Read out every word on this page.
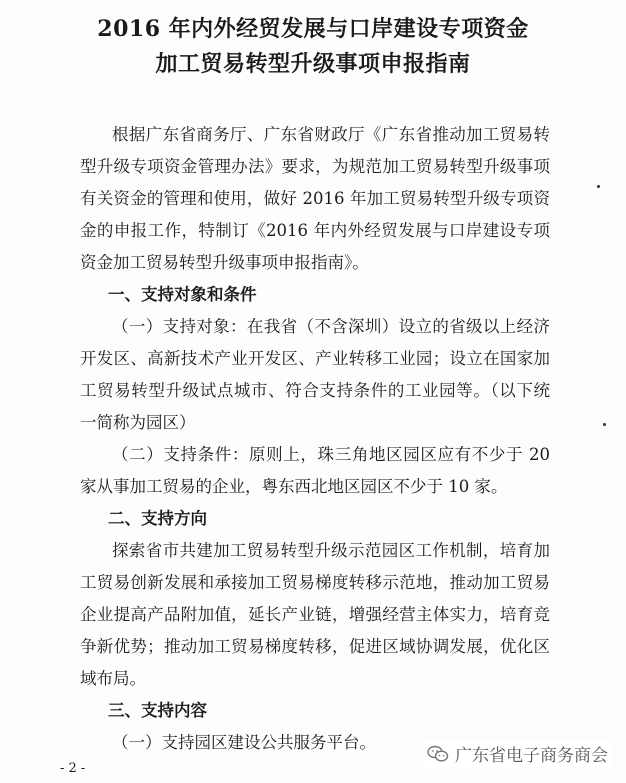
2016 年内外经贸发展与口岸建设专项资金
加工贸易转型升级事项申报指南
根据广东省商务厅、广东省财政厅《广东省推动加工贸易转
型升级专项资金管理办法》要求，为规范加工贸易转型升级事项
有关资金的管理和使用，做好 2016 年加工贸易转型升级专项资
金的申报工作，特制订《2016 年内外经贸发展与口岸建设专项
资金加工贸易转型升级事项申报指南》。
一、支持对象和条件
（一）支持对象：在我省（不含深圳）设立的省级以上经济
开发区、高新技术产业开发区、产业转移工业园；设立在国家加
工贸易转型升级试点城市、符合支持条件的工业园等。（以下统
一简称为园区）
（二）支持条件：原则上，珠三角地区园区应有不少于 20
家从事加工贸易的企业，粤东西北地区园区不少于 10 家。
二、支持方向
探索省市共建加工贸易转型升级示范园区工作机制，培育加
工贸易创新发展和承接加工贸易梯度转移示范地，推动加工贸易
企业提高产品附加值，延长产业链，增强经营主体实力，培育竞
争新优势；推动加工贸易梯度转移，促进区域协调发展，优化区
域布局。
三、支持内容
（一）支持园区建设公共服务平台。
- 2 -
广东省电子商务商会
